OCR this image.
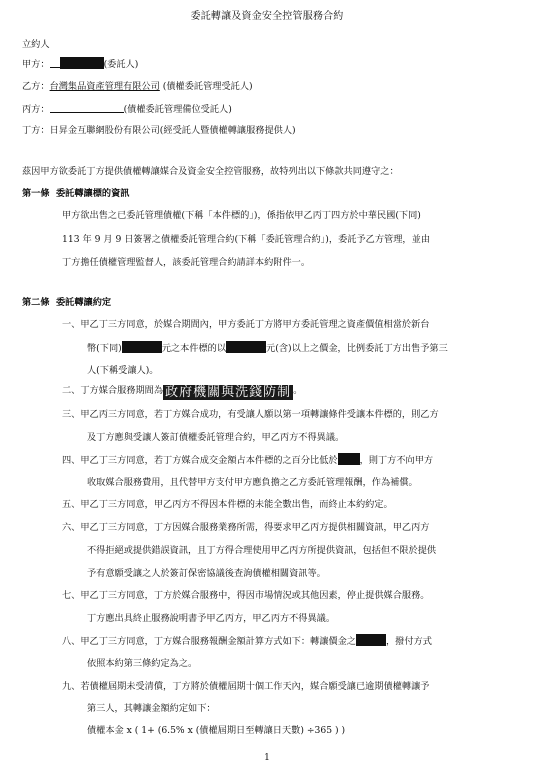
委託轉讓及資金安全控管服務合約
立約人
甲方：	(委託人)
乙方：台灣集品資產管理有限公司 (債權委託管理受託人)
丙方：	(債權委託管理備位受託人)
丁方：日昇金互聯網股份有限公司(經受託人暨債權轉讓服務提供人)
茲因甲方欲委託丁方提供債權轉讓媒合及資金安全控管服務，故特列出以下條款共同遵守之：
第一條 委託轉讓標的資訊
甲方欲出售之已委託管理債權(下稱「本件標的」)，係指依甲乙丙丁四方於中華民國(下同)
113 年 9 月 9 日簽署之債權委託管理合約(下稱「委託管理合約」)，委託予乙方管理，並由
丁方擔任債權管理監督人，該委託管理合約請詳本約附件一。
第二條 委託轉讓約定
一、甲乙丁三方同意，於媒合期間內，甲方委託丁方將甲方委託管理之資產價值相當於新台
幣(下同)	元之本件標的以	元(含)以上之價金，比例委託丁方出售予第三
人(下稱受讓人)。
二、丁方媒合服務期間為 政府機關與洗錢防制 。
三、甲乙丙三方同意，若丁方媒合成功，有受讓人願以第一項轉讓條件受讓本件標的，則乙方
及丁方應與受讓人簽訂債權委託管理合約，甲乙丙方不得異議。
四、甲乙丁三方同意，若丁方媒合成交金額占本件標的之百分比低於 ，則丁方不向甲方
收取媒合服務費用，且代替甲方支付甲方應負擔之乙方委託管理報酬，作為補償。
五、甲乙丁三方同意，甲乙丙方不得因本件標的未能全數出售，而終止本約約定。
六、甲乙丁三方同意，丁方因媒合服務業務所需，得要求甲乙丙方提供相關資訊，甲乙丙方
不得拒絕或提供錯誤資訊，且丁方得合理使用甲乙丙方所提供資訊，包括但不限於提供
予有意願受讓之人於簽訂保密協議後查詢債權相關資訊等。
七、甲乙丁三方同意，丁方於媒合服務中，得因市場情況或其他因素，停止提供媒合服務。
丁方應出具終止服務說明書予甲乙丙方，甲乙丙方不得異議。
八、甲乙丁三方同意，丁方媒合服務報酬金額計算方式如下：轉讓價金之	，撥付方式
依照本約第三條約定為之。
九、若債權屆期未受清償，丁方將於債權屆期十個工作天內，媒合願受讓已逾期債權轉讓予
第三人，其轉讓金額約定如下：
債權本金 x ( 1+ (6.5% x (債權屆期日至轉讓日天數) ÷365 ) )
1
